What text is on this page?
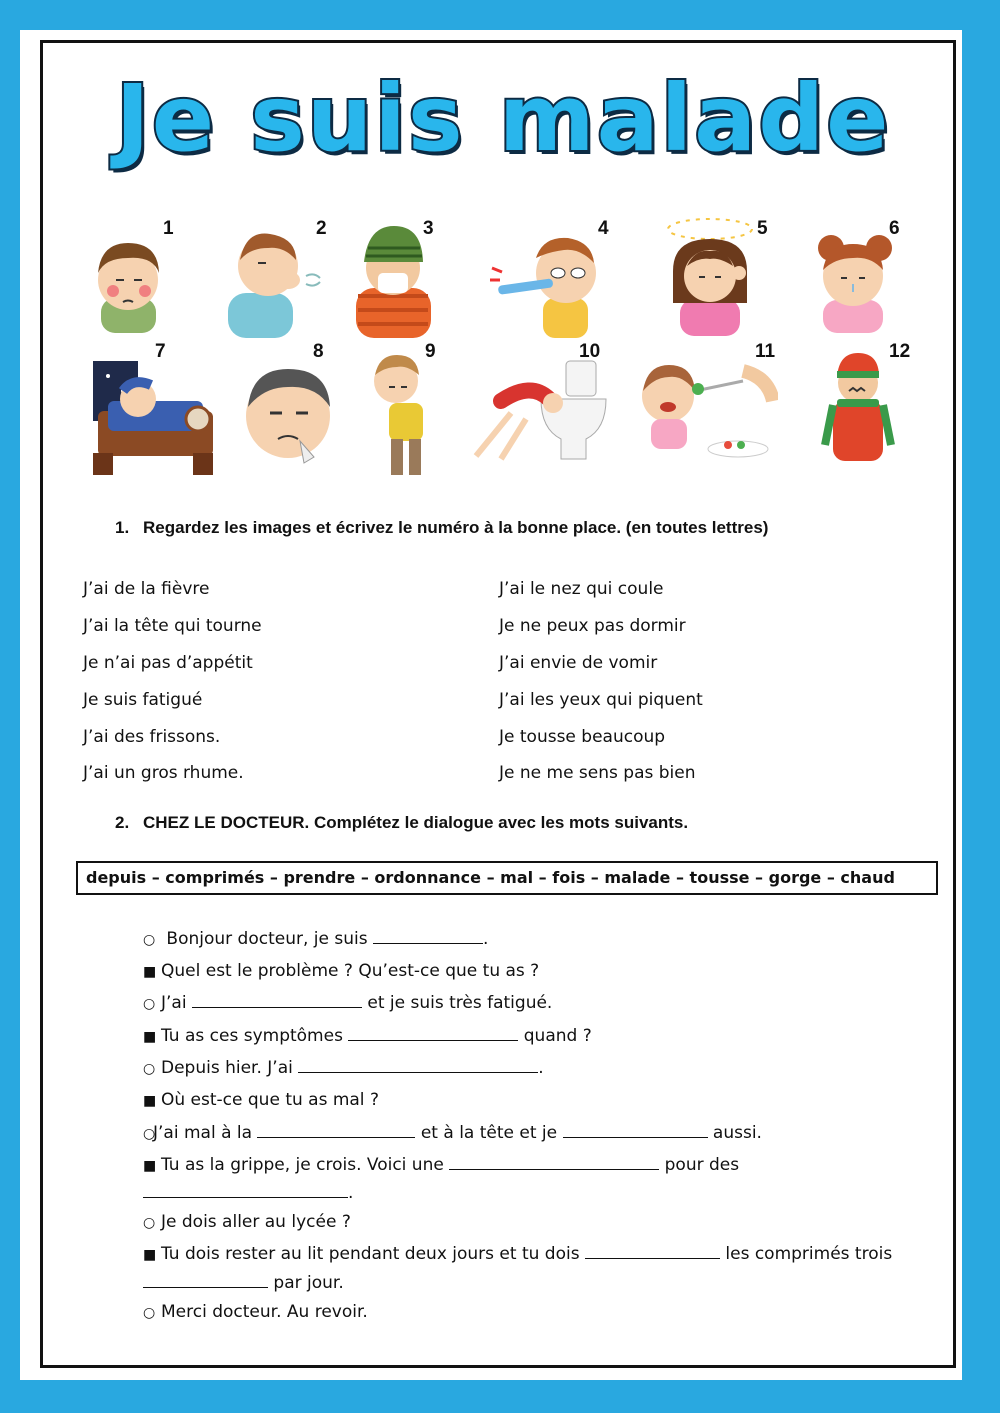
Je suis malade
1	2	3	4	5	6
7	8	9	10	11	12
1. Regardez les images et écrivez le numéro à la bonne place. (en toutes lettres)
J’ai de la fièvre
J’ai la tête qui tourne
Je n’ai pas d’appétit
Je suis fatigué
J’ai des frissons.
J’ai un gros rhume.
J’ai le nez qui coule
Je ne peux pas dormir
J’ai envie de vomir
J’ai les yeux qui piquent
Je tousse beaucoup
Je ne me sens pas bien
2. CHEZ LE DOCTEUR. Complétez le dialogue avec les mots suivants.
depuis – comprimés – prendre – ordonnance – mal – fois – malade – tousse – gorge – chaud
○ Bonjour docteur, je suis	.
■ Quel est le problème ? Qu’est-ce que tu as ?
○ J’ai	et je suis très fatigué.
■ Tu as ces symptômes	quand ?
○ Depuis hier. J’ai	.
■ Où est-ce que tu as mal ?
○J’ai mal à la	et à la tête et je	aussi.
■ Tu as la grippe, je crois. Voici une	pour des
.
○ Je dois aller au lycée ?
■ Tu dois rester au lit pendant deux jours et tu dois	les comprimés trois
par jour.
○ Merci docteur. Au revoir.
